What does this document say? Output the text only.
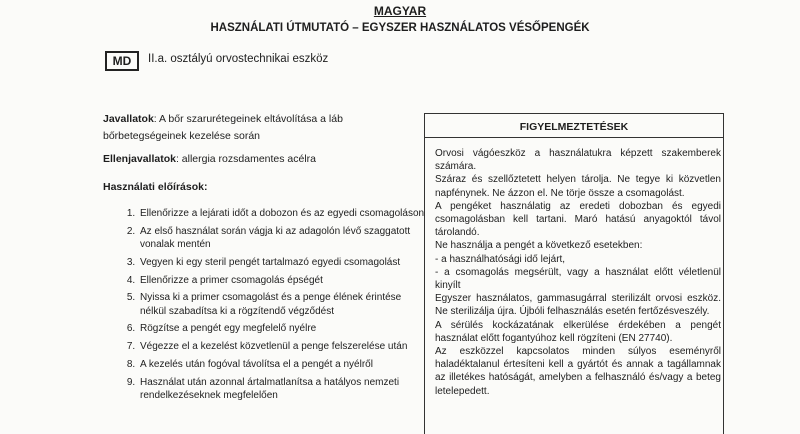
MAGYAR
HASZNÁLATI ÚTMUTATÓ – EGYSZER HASZNÁLATOS VÉSŐPENGÉK
MD	II.a. osztályú orvostechnikai eszköz
Javallatok: A bőr szarurétegeinek eltávolítása a láb bőrbetegségeinek kezelése során
Ellenjavallatok: allergia rozsdamentes acélra
Használati előírások:
1. Ellenőrizze a lejárati időt a dobozon és az egyedi csomagoláson
2. Az első használat során vágja ki az adagolón lévő szaggatott vonalak mentén
3. Vegyen ki egy steril pengét tartalmazó egyedi csomagolást
4. Ellenőrizze a primer csomagolás épségét
5. Nyissa ki a primer csomagolást és a penge élének érintése nélkül szabadítsa ki a rögzítendő végződést
6. Rögzítse a pengét egy megfelelő nyélre
7. Végezze el a kezelést közvetlenül a penge felszerelése után
8. A kezelés után fogóval távolítsa el a pengét a nyélről
9. Használat után azonnal ártalmatlanítsa a hatályos nemzeti rendelkezéseknek megfelelően
FIGYELMEZTETÉSEK

Orvosi vágóeszköz a használatukra képzett szakemberek számára.

Száraz és szellőztetett helyen tárolja. Ne tegye ki közvetlen napfénynek. Ne ázzon el. Ne törje össze a csomagolást.

A pengéket használatig az eredeti dobozban és egyedi csomagolásban kell tartani. Maró hatású anyagoktól távol tárolandó.

Ne használja a pengét a következő esetekben:

- a használhatósági idő lejárt,

- a csomagolás megsérült, vagy a használat előtt véletlenül kinyílt

Egyszer használatos, gammasugárral sterilizált orvosi eszköz. Ne sterilizálja újra. Újbóli felhasználás esetén fertőzésveszély.

A sérülés kockázatának elkerülése érdekében a pengét használat előtt fogantyúhoz kell rögzíteni (EN 27740).

Az eszközzel kapcsolatos minden súlyos eseményről haladéktalanul értesíteni kell a gyártót és annak a tagállamnak az illetékes hatóságát, amelyben a felhasználó és/vagy a beteg letelepedett.
